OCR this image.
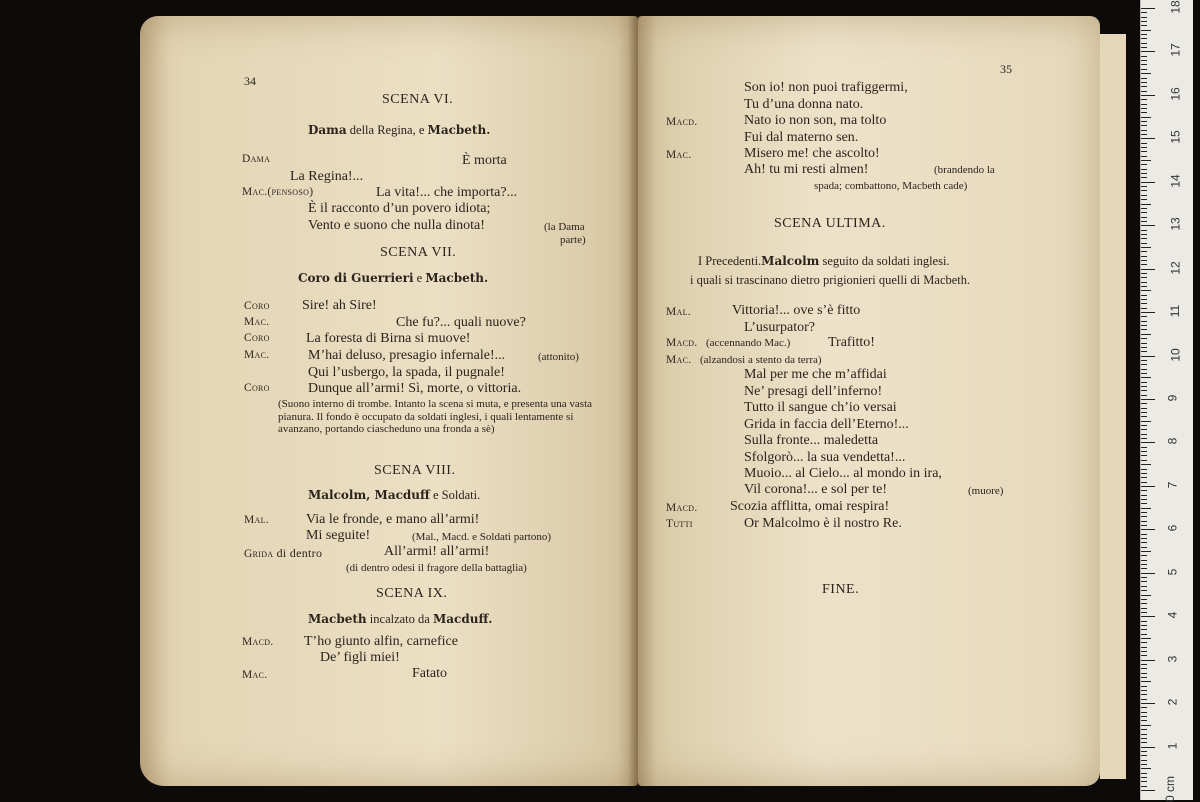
34
SCENA VI.
Dama della Regina, e Macbeth.
Dama	È morta
La Regina!...
Mac.(pensoso)	La vita!... che importa?...
È il racconto d’un povero idiota;
Vento e suono che nulla dinota!	(la Dama
parte)
SCENA VII.
Coro di Guerrieri e Macbeth.
Coro Sire! ah Sire!
Mac.	Che fu?... quali nuove?
Coro	La foresta di Birna si muove!
Mac.	M’hai deluso, presagio infernale!...	(attonito)
Qui l’usbergo, la spada, il pugnale!
Coro	Dunque all’armi! Sì, morte, o vittoria.
(Suono interno di trombe. Intanto la scena si muta, e presenta una vasta pianura. Il fondo è occupato da soldati inglesi, i quali lentamente si avanzano, portando ciascheduno una fronda a sè)
SCENA VIII.
Malcolm, Macduff e Soldati.
Mal.	Via le fronde, e mano all’armi!
Mi seguite!	(Mal., Macd. e Soldati partono)
Grida di dentro	All’armi! all’armi!
(di dentro odesi il fragore della battaglia)
SCENA IX.
Macbeth incalzato da Macduff.
Macd. T’ho giunto alfin, carnefice
De’ figli miei!
Mac.	Fatato
35
Son io! non puoi trafiggermi,
Tu d’una donna nato.
Macd.	Nato io non son, ma tolto
Fui dal materno sen.
Mac.	Misero me! che ascolto!
Ah! tu mi resti almen!	(brandendo la
spada; combattono, Macbeth cade)
SCENA ULTIMA.
I Precedenti.Malcolm seguito da soldati inglesi.
i quali si trascinano dietro prigionieri quelli di Macbeth.
Mal.	Vittoria!... ove s’è fitto
L’usurpator?
Macd. (accennando Mac.)	Trafitto!
Mac. (alzandosi a stento da terra)
Mal per me che m’affidai
Ne’ presagi dell’inferno!
Tutto il sangue ch’io versai
Grida in faccia dell’Eterno!...
Sulla fronte... maledetta
Sfolgorò... la sua vendetta!...
Muoio... al Cielo... al mondo in ira,
Vil corona!... e sol per te!	(muore)
Macd. Scozia afflitta, omai respira!
Tutti	Or Malcolmo è il nostro Re.
FINE.
0 cm
1
2
3
4
5
6
7
8
9
10
11
12
13
14
15
16
17
18
